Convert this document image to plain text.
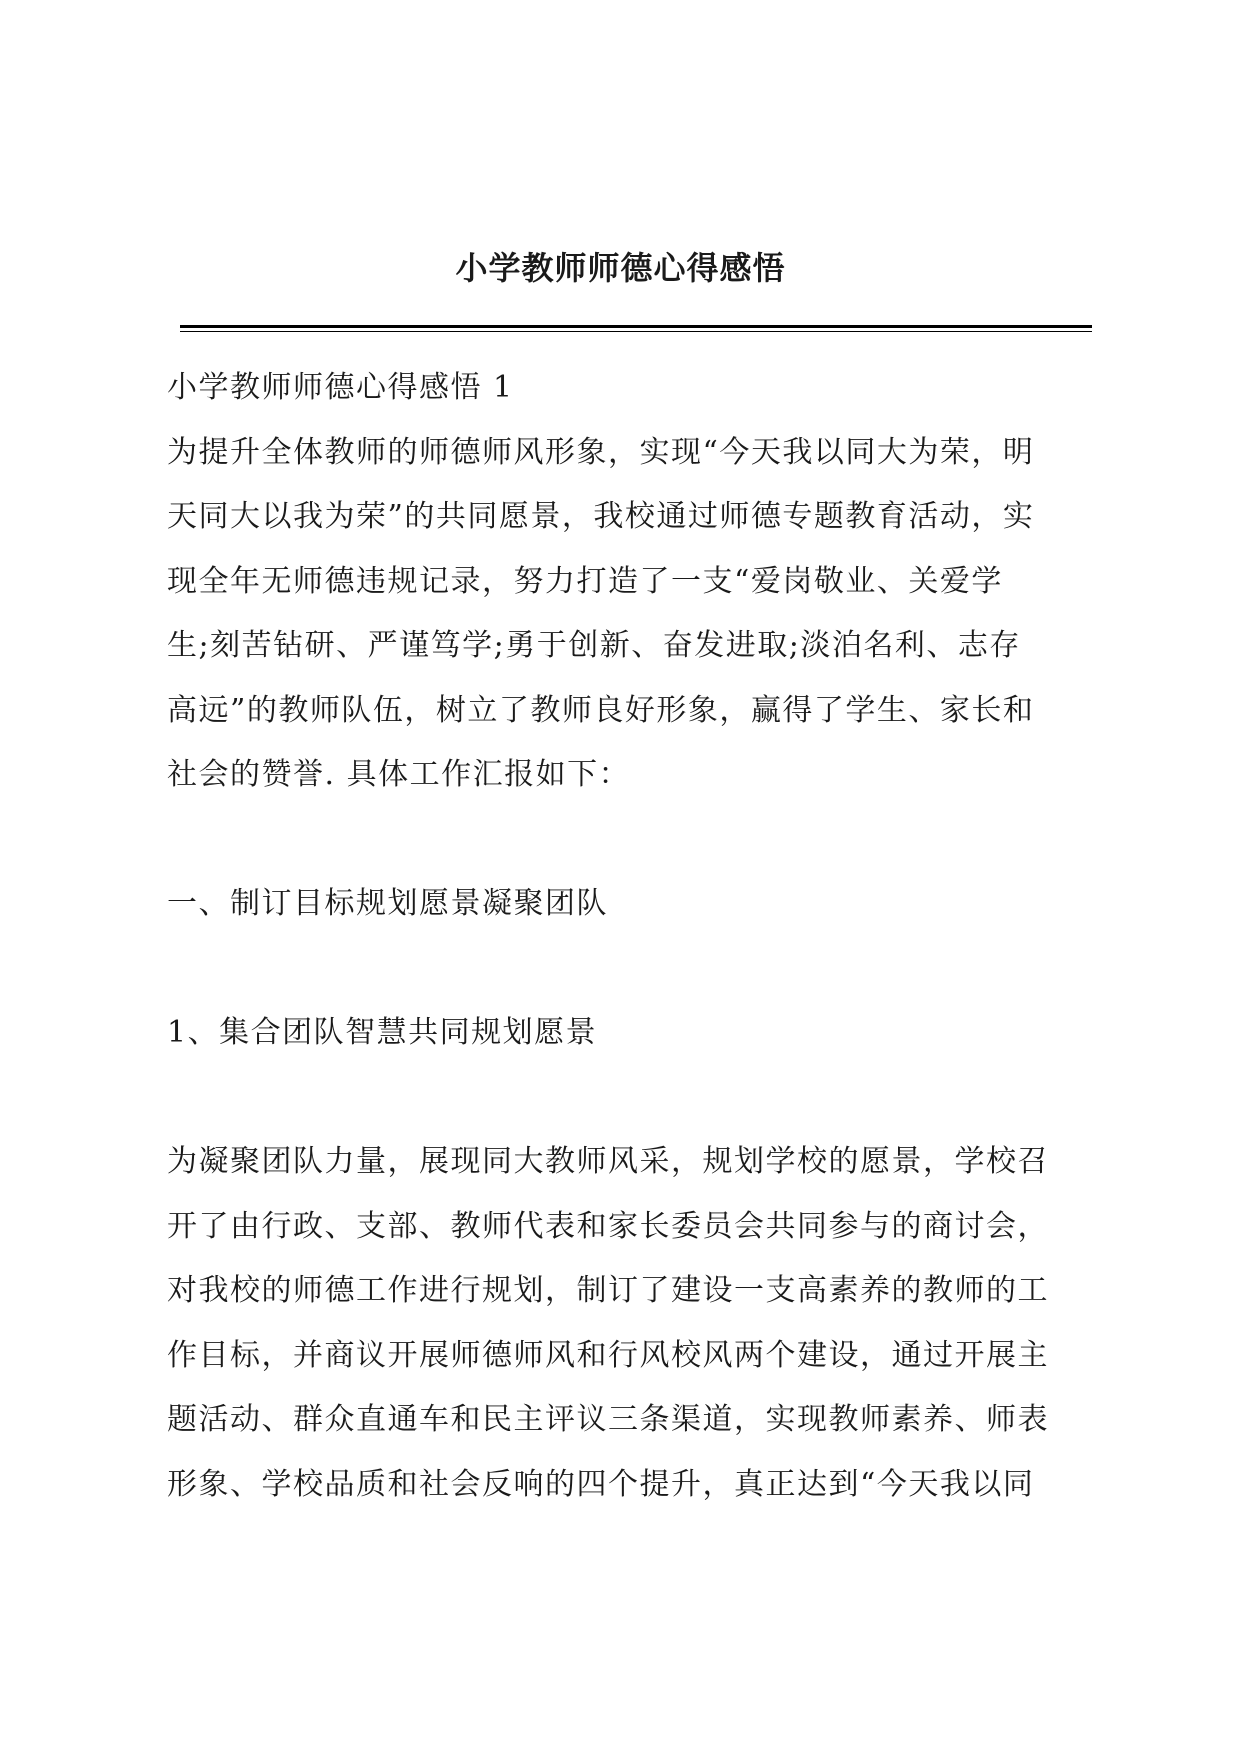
小学教师师德心得感悟

小学教师师德心得感悟 1

为提升全体教师的师德师风形象，实现“今天我以同大为荣，明

天同大以我为荣”的共同愿景，我校通过师德专题教育活动，实

现全年无师德违规记录，努力打造了一支“爱岗敬业、关爱学

生;刻苦钻研、严谨笃学;勇于创新、奋发进取;淡泊名利、志存

高远”的教师队伍，树立了教师良好形象，赢得了学生、家长和

社会的赞誉. 具体工作汇报如下：

一、制订目标规划愿景凝聚团队

1、集合团队智慧共同规划愿景

为凝聚团队力量，展现同大教师风采，规划学校的愿景，学校召

开了由行政、支部、教师代表和家长委员会共同参与的商讨会，

对我校的师德工作进行规划，制订了建设一支高素养的教师的工

作目标，并商议开展师德师风和行风校风两个建设，通过开展主

题活动、群众直通车和民主评议三条渠道，实现教师素养、师表

形象、学校品质和社会反响的四个提升，真正达到“今天我以同
